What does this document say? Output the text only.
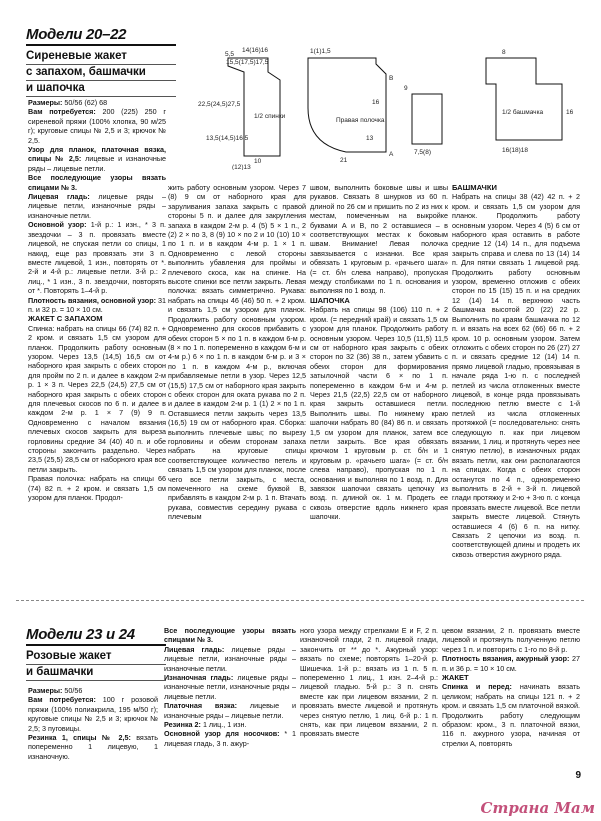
Модели 20–22
Сиреневые жакет
с запахом, башмачки
и шапочка

Размеры: 50/56 (62) 68

Вам потребуется: 200 (225) 250 г сиреневой пряжи (100% хлопка, 90 м/25 г); круговые спицы № 2,5 и 3; крючок № 2,5.

Узор для планок, платочная вязка, спицы № 2,5: лицевые и изнаночные ряды – лицевые петли.

Все последующие узоры вязать спицами № 3.

Лицевая гладь: лицевые ряды – лицевые петли, изнаночные ряды – изнаночные петли.

Основной узор: 1-й р.: 1 изн., * 3 п. звездочки – 3 п. провязать вместе лицевой, не спуская петли со спицы, 1 накид, еще раз провязать эти 3 п. вместе лицевой, 1 изн., повторять от *. 2-й и 4-й р.: лицевые петли. 3-й р.: 2 лиц., * 1 изн., 3 п. звездочки, повторять от *. Повторять 1–4-й р.

Плотность вязания, основной узор: 31 п. и 32 р. = 10 × 10 см.

ЖАКЕТ С ЗАПАХОМ

Спинка: набрать на спицы 66 (74) 82 п. + 2 кром. и связать 1,5 см узором для планок. Продолжить работу основным узором. Через 13,5 (14,5) 16,5 см от наборного края закрыть с обеих сторон для пройм по 2 п. и далее в каждом 2-м р. 1 × 3 п. Через 22,5 (24,5) 27,5 см от наборного края закрыть с обеих сторон для плечевых скосов по 6 п. и далее в каждом 2-м р. 1 × 7 (9) 9 п. Одновременно с началом вязания плечевых скосов закрыть для выреза горловины средние 34 (40) 40 п. и обе стороны закончить раздельно. Через 23,5 (25,5) 28,5 см от наборного края все петли закрыть.

Правая полочка: набрать на спицы 66 (74) 82 п. + 2 кром. и связать 1,5 см узором для планок. Продол-

жить работу основным узором. Через 7 (8) 9 см от наборного края для заруливания запаха закрыть с правой стороны 5 п. и далее для закругления запаха в каждом 2-м р. 4 (5) 5 × 1 п., 2 (2) 2 × по 3, 8 (9) 10 × по 2 и 10 (10) 10 × по 1 п. и в каждом 4-м р. 1 × 1 п. Одновременно с левой стороны выполнить убавления для проймы и плечевого скоса, как на спинке. На высоте спинки все петли закрыть. Левая полочка: вязать симметрично. Рукава: набрать на спицы 46 (46) 50 п. + 2 кром. и связать 1,5 см узором для планок. Продолжить работу основным узором. Одновременно для скосов прибавить с обеих сторон 5 × по 1 п. в каждом 6-м р. (8 × по 1 п. попеременно в каждом 6-м и 4-м р.) 6 × по 1 п. в каждом 6-м р. и 3 × по 1 п. в каждом 4-м р., включая прибавляемые петли в узор. Через 12,5 (15,5) 17,5 см от наборного края закрыть с обеих сторон для оката рукава по 2 п. и далее в каждом 2-м р. 1 (1) 2 × по 1 п. Оставшиеся петли закрыть через 13,5 (16,5) 19 см от наборного края. Сборка: выполнить плечевые швы; по вырезу горловины и обеим сторонам запаха набрать на круговые спицы соответствующее количество петель и связать 1,5 см узором для планок, после чего все петли закрыть, с места, помеченного на схеме буквой В, прибавлять в каждом 2-м р. 1 п. Втачать рукава, совместив середину рукава с плечевым

швом, выполнить боковые швы и швы рукавов. Связать 8 шнурков из 60 п. длиной по 26 см и пришить по 2 из них к местам, помеченным на выкройке буквами А и В, по 2 оставшиеся – в соответствующих местах к боковым швам. Внимание! Левая полочка завязывается с изнанки. Все края обвязать 1 круговым р. «рачьего шага» (= ст. б/н слева направо), пропуская между столбиками по 1 п. основания и выполняя по 1 возд. п.

ШАПОЧКА

Набрать на спицы 98 (106) 110 п. + 2 кром. (= передний край) и связать 1,5 см узором для планок. Продолжить работу основным узором. Через 10,5 (11,5) 11,5 см от наборного края закрыть с обеих сторон по 32 (36) 38 п., затем убавить с обеих сторон для формирования затылочной части 6 × по 1 п. попеременно в каждом 6-м и 4-м р. Через 21,5 (22,5) 22,5 см от наборного края закрыть оставшиеся петли. Выполнить швы. По нижнему краю шапочки набрать 80 (84) 86 п. и связать 1,5 см узором для планок, затем все петли закрыть. Все края обвязать крючком 1 круговым р. ст. б/н и 1 круговым р. «рачьего шага» (= ст. б/н слева направо), пропуская по 1 п. основания и выполняя по 1 возд. п. Для завязок шапочки связать цепочку из возд. п. длиной ок. 1 м. Продеть ее сквозь отверстие вдоль нижнего края шапочки.

БАШМАЧКИ

Набрать на спицы 38 (42) 42 п. + 2 кром. и связать 1,5 см узором для планок. Продолжить работу основным узором. Через 4 (5) 6 см от наборного края оставить в работе средние 12 (14) 14 п., для подъема закрыть справа и слева по 13 (14) 14 п. Для пятки связать 1 лицевой ряд. Продолжить работу основным узором, временно отложив с обеих сторон по 15 (15) 15 п. и на средних 12 (14) 14 п. верхнюю часть башмачка высотой 20 (22) 22 р. Выполнить по краям башмачка по 12 п. и вязать на всех 62 (66) 66 п. + 2 кром. 10 р. основным узором. Затем отложить с обеих сторон по 26 (27) 27 п. и связать средние 12 (14) 14 п. прямо лицевой гладью, провязывая в начале ряда 1-ю п. с последней петлей из числа отложенных вместе лицевой, в конце ряда провязывать последнюю петлю вместе с 1-й петлей из числа отложенных протяжкой (= последовательно: снять следующую п. как при лицевом вязании, 1 лиц. и протянуть через нее снятую петлю), в изнаночных рядах вязать петли, как они располагаются на спицах. Когда с обеих сторон останутся по 4 п., одновременно выполнить в 2-й + 3-й п. лицевой глади протяжку и 2-ю + 3-ю п. с конца провязать вместе лицевой. Все петли закрыть вместе лицевой. Стянуть оставшиеся 4 (6) 6 п. на нитку. Связать 2 цепочки из возд. п. соответствующей длины и продеть их сквозь отверстия ажурного ряда.

1/2 спинки
5,5
14(16)16
15,5(17,5)17,5
22,5(24,5)27,5
13,5(14,5)16,5
10
(12)13
Правая полочка
1(1)1,5
21
16
13
A
B
9
7,5(8)
1/2 башмачка
8
16
16(18)18
Модели 23 и 24
Розовые жакет
и башмачки

Размеры: 50/56

Вам потребуется: 100 г розовой пряжи (100% полиакрила, 195 м/50 г); круговые спицы № 2,5 и 3; крючок № 2,5; 3 пуговицы.

Резинка 1, спицы № 2,5: вязать попеременно 1 лицевую, 1 изнаночную.

Все последующие узоры вязать спицами № 3.

Лицевая гладь: лицевые ряды – лицевые петли, изнаночные ряды – изнаночные петли.

Изнаночная гладь: лицевые ряды – изнаночные петли, изнаночные ряды – лицевые петли.

Платочная вязка: лицевые и изнаночные ряды – лицевые петли.

Резинка 2: 1 лиц., 1 изн.

Основной узор для носочков: * 1 лицевая гладь, 3 п. ажур-

ного узора между стрелками Е и F, 2 п. изнаночной глади, 2 п. лицевой глади, закончить от ** до *. Ажурный узор: вязать по схеме; повторять 1–20-й р. Шишечка. 1-й р.: вязать из 1 п. 5 п. попеременно 1 лиц., 1 изн. 2–4-й р.: лицевой гладью. 5-й р.: 3 п. снять вместе как при лицевом вязании, 2 п. провязать вместе лицевой и протянуть через снятую петлю, 1 лиц. 6-й р.: 1 п. снять, как при лицевом вязании, 2 п. провязать вместе

цевом вязании, 2 п. провязать вместе лицевой и протянуть полученную петлю через 1 п. и повторить с 1-го по 8-й р.

Плотность вязания, ажурный узор: 27 п. и 36 р. = 10 × 10 см.

ЖАКЕТ

Спинка и перед: начинать вязать целиком; набрать на спицы 121 п. + 2 кром. и связать 1,5 см платочной вязкой. Продолжить работу следующим образом: кром., 3 п. платочной вязки, 116 п. ажурного узора, начиная от стрелки А, повторять

9
Страна Мам
